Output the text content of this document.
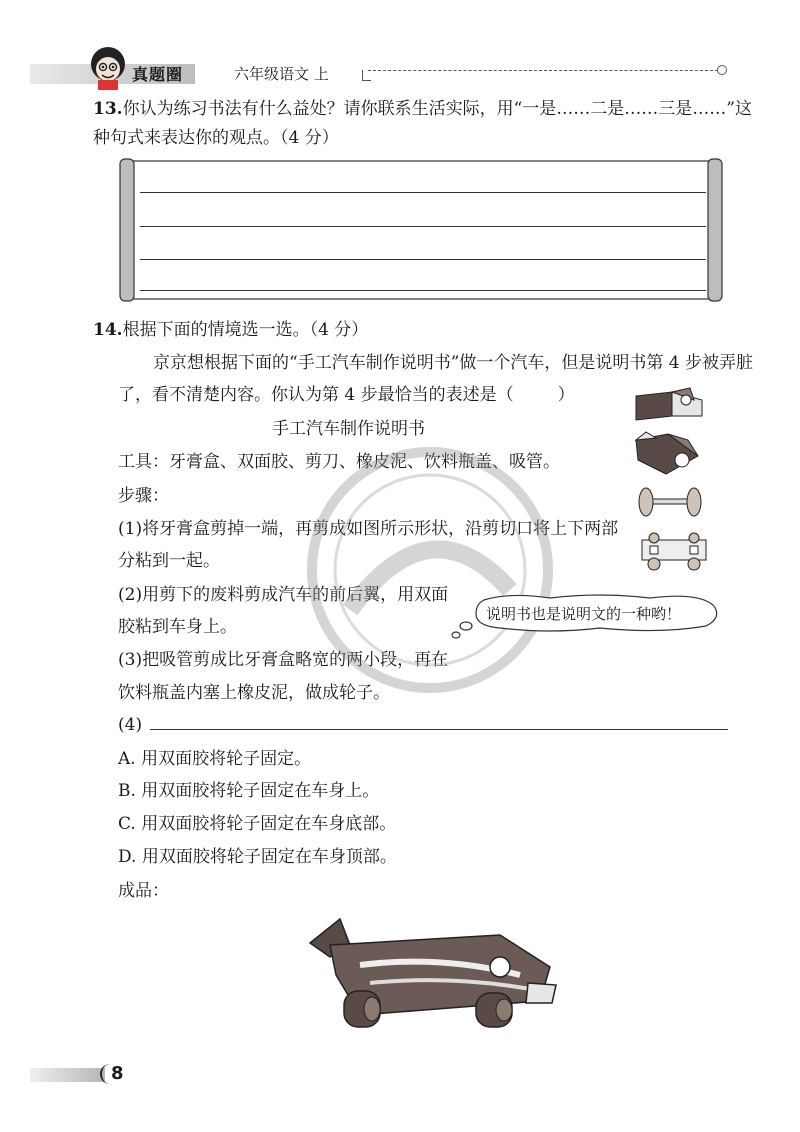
真题圈	六年级语文 上
13.你认为练习书法有什么益处？请你联系生活实际，用“一是……二是……三是……”这
种句式来表达你的观点。（4 分）
14.根据下面的情境选一选。（4 分）
京京想根据下面的“手工汽车制作说明书”做一个汽车，但是说明书第 4 步被弄脏
了，看不清楚内容。你认为第 4 步最恰当的表述是（	）
手工汽车制作说明书
工具：牙膏盒、双面胶、剪刀、橡皮泥、饮料瓶盖、吸管。
步骤：
(1)将牙膏盒剪掉一端，再剪成如图所示形状，沿剪切口将上下两部
分粘到一起。
(2)用剪下的废料剪成汽车的前后翼，用双面
胶粘到车身上。
(3)把吸管剪成比牙膏盒略宽的两小段，再在
饮料瓶盖内塞上橡皮泥，做成轮子。
(4)
A. 用双面胶将轮子固定。
B. 用双面胶将轮子固定在车身上。
C. 用双面胶将轮子固定在车身底部。
D. 用双面胶将轮子固定在车身顶部。
成品：
说明书也是说明文的一种哟！
8
